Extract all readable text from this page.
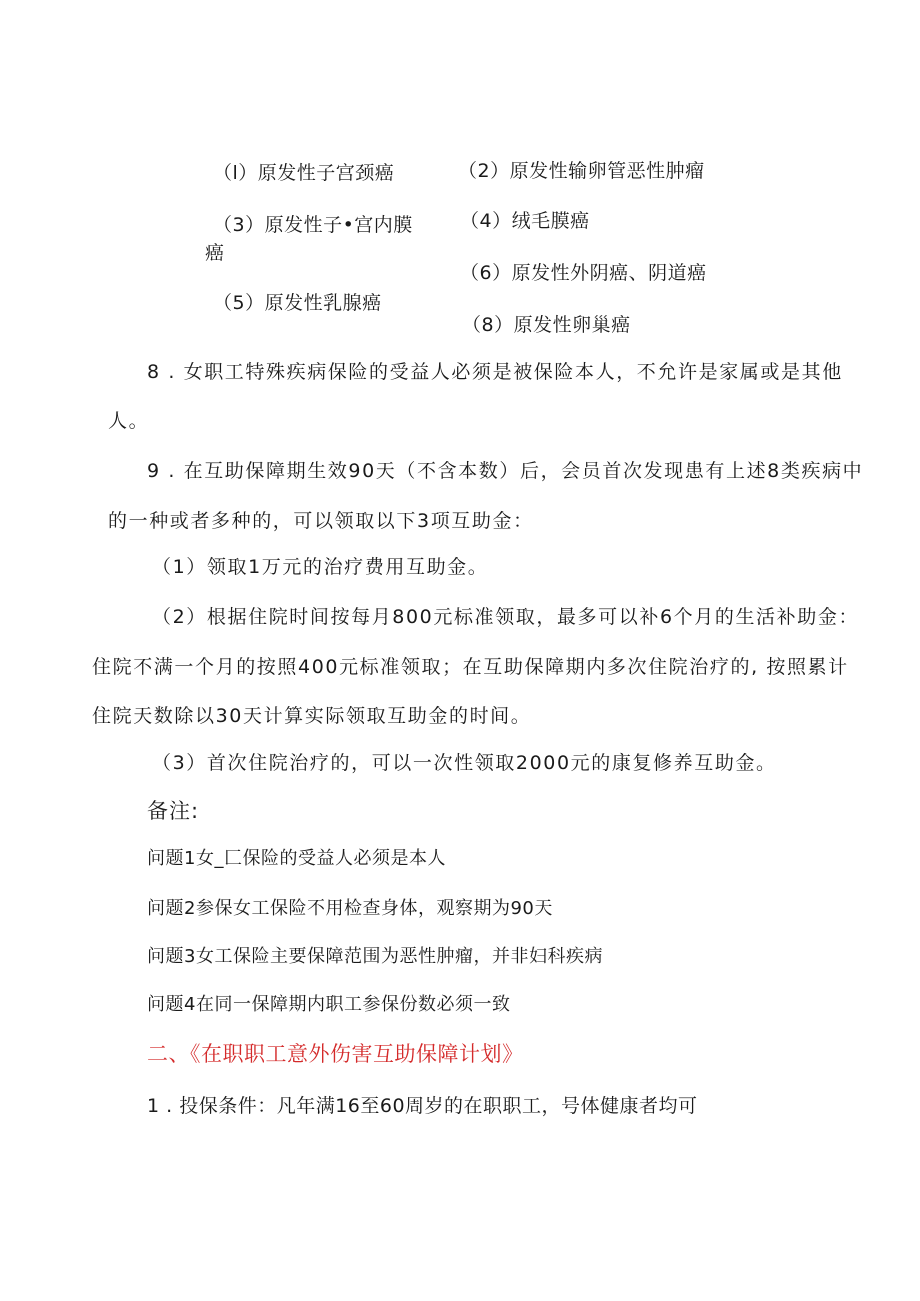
（l）原发性子宫颈癌	（2）原发性输卵管恶性肿瘤
（3）原发性子•宫内膜
癌
（4）绒毛膜癌
（6）原发性外阴癌、阴道癌
（5）原发性乳腺癌
（8）原发性卵巢癌
8 . 女职工特殊疾病保险的受益人必须是被保险本人，不允许是家属或是其他
人。
9 . 在互助保障期生效90天（不含本数）后，会员首次发现患有上述8类疾病中
的一种或者多种的，可以领取以下3项互助金：
（1）领取1万元的治疗费用互助金。
（2）根据住院时间按每月800元标准领取，最多可以补6个月的生活补助金：
住院不满一个月的按照400元标准领取；在互助保障期内多次住院治疗的, 按照累计
住院天数除以30天计算实际领取互助金的时间。
（3）首次住院治疗的，可以一次性领取2000元的康复修养互助金。
备注:
问题1女_匚保险的受益人必须是本人
问题2参保女工保险不用检查身体，观察期为90天
问题3女工保险主要保障范围为恶性肿瘤，并非妇科疾病
问题4在同一保障期内职工参保份数必须一致
二、《在职职工意外伤害互助保障计划》
1 . 投保条件：凡年满16至60周岁的在职职工，号体健康者均可
